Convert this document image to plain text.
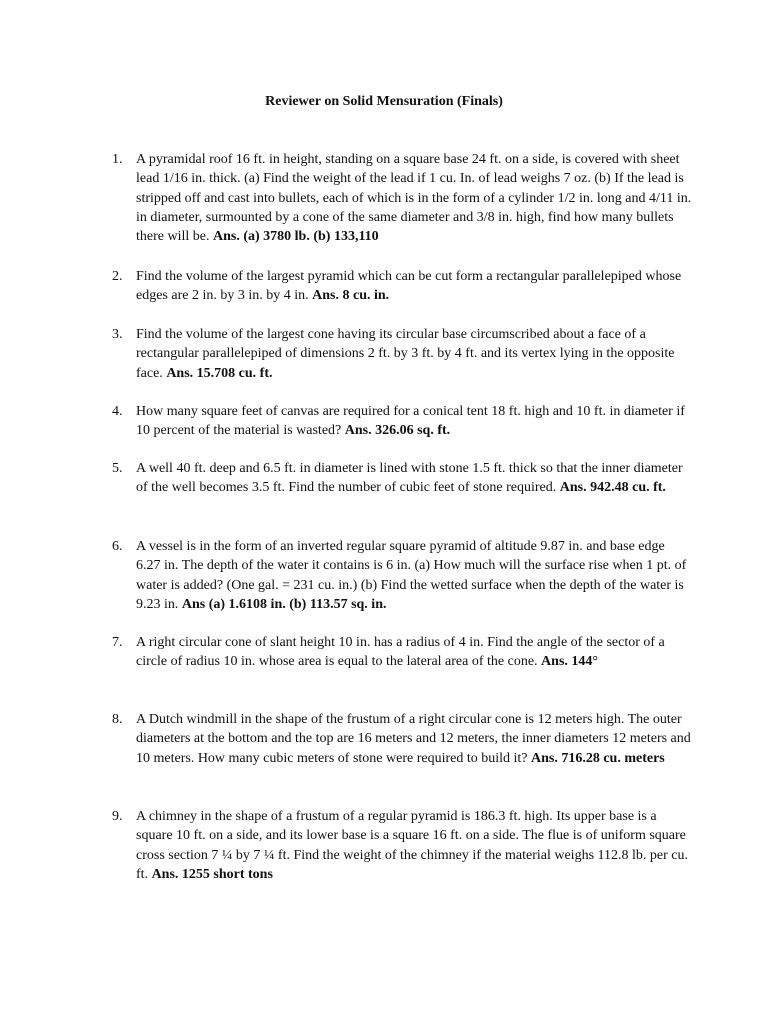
Reviewer on Solid Mensuration (Finals)
1. A pyramidal roof 16 ft. in height, standing on a square base 24 ft. on a side, is covered with sheet lead 1/16 in. thick. (a) Find the weight of the lead if 1 cu. In. of lead weighs 7 oz. (b) If the lead is stripped off and cast into bullets, each of which is in the form of a cylinder 1/2 in. long and 4/11 in. in diameter, surmounted by a cone of the same diameter and 3/8 in. high, find how many bullets there will be. Ans. (a) 3780 lb. (b) 133,110
2. Find the volume of the largest pyramid which can be cut form a rectangular parallelepiped whose edges are 2 in. by 3 in. by 4 in. Ans. 8 cu. in.
3. Find the volume of the largest cone having its circular base circumscribed about a face of a rectangular parallelepiped of dimensions 2 ft. by 3 ft. by 4 ft. and its vertex lying in the opposite face. Ans. 15.708 cu. ft.
4. How many square feet of canvas are required for a conical tent 18 ft. high and 10 ft. in diameter if 10 percent of the material is wasted? Ans. 326.06 sq. ft.
5. A well 40 ft. deep and 6.5 ft. in diameter is lined with stone 1.5 ft. thick so that the inner diameter of the well becomes 3.5 ft. Find the number of cubic feet of stone required. Ans. 942.48 cu. ft.
6. A vessel is in the form of an inverted regular square pyramid of altitude 9.87 in. and base edge 6.27 in. The depth of the water it contains is 6 in. (a) How much will the surface rise when 1 pt. of water is added? (One gal. = 231 cu. in.) (b) Find the wetted surface when the depth of the water is 9.23 in. Ans (a) 1.6108 in. (b) 113.57 sq. in.
7. A right circular cone of slant height 10 in. has a radius of 4 in. Find the angle of the sector of a circle of radius 10 in. whose area is equal to the lateral area of the cone. Ans. 144°
8. A Dutch windmill in the shape of the frustum of a right circular cone is 12 meters high. The outer diameters at the bottom and the top are 16 meters and 12 meters, the inner diameters 12 meters and 10 meters. How many cubic meters of stone were required to build it? Ans. 716.28 cu. meters
9. A chimney in the shape of a frustum of a regular pyramid is 186.3 ft. high. Its upper base is a square 10 ft. on a side, and its lower base is a square 16 ft. on a side. The flue is of uniform square cross section 7 ¼ by 7 ¼ ft. Find the weight of the chimney if the material weighs 112.8 lb. per cu. ft. Ans. 1255 short tons
